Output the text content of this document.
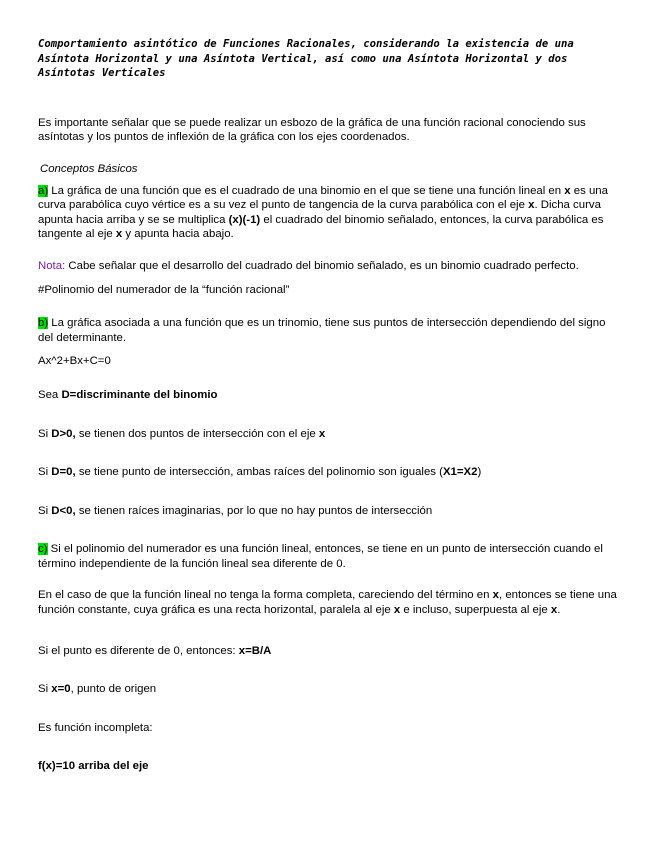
Comportamiento asintótico de Funciones Racionales, considerando la existencia de una Asíntota Horizontal y una Asíntota Vertical, así como una Asíntota Horizontal y dos Asíntotas Verticales

Es importante señalar que se puede realizar un esbozo de la gráfica de una función racional conociendo sus asíntotas y los puntos de inflexión de la gráfica con los ejes coordenados.

Conceptos Básicos

a) La gráfica de una función que es el cuadrado de una binomio en el que se tiene una función lineal en x es una curva parabólica cuyo vértice es a su vez el punto de tangencia de la curva parabólica con el eje x. Dicha curva apunta hacia arriba y se se multiplica (x)(-1) el cuadrado del binomio señalado, entonces, la curva parabólica es tangente al eje x y apunta hacia abajo.

Nota: Cabe señalar que el desarrollo del cuadrado del binomio señalado, es un binomio cuadrado perfecto.

#Polinomio del numerador de la “función racional”

b) La gráfica asociada a una función que es un trinomio, tiene sus puntos de intersección dependiendo del signo del determinante.

Ax^2+Bx+C=0

Sea D=discriminante del binomio

Si D>0, se tienen dos puntos de intersección con el eje x

Si D=0, se tiene punto de intersección, ambas raíces del polinomio son iguales (X1=X2)

Si D<0, se tienen raíces imaginarias, por lo que no hay puntos de intersección

c) Si el polinomio del numerador es una función lineal, entonces, se tiene en un punto de intersección cuando el término independiente de la función lineal sea diferente de 0.

En el caso de que la función lineal no tenga la forma completa, careciendo del término en x, entonces se tiene una función constante, cuya gráfica es una recta horizontal, paralela al eje x e incluso, superpuesta al eje x.

Si el punto es diferente de 0, entonces: x=B/A

Si x=0, punto de origen

Es función incompleta:

f(x)=10 arriba del eje
